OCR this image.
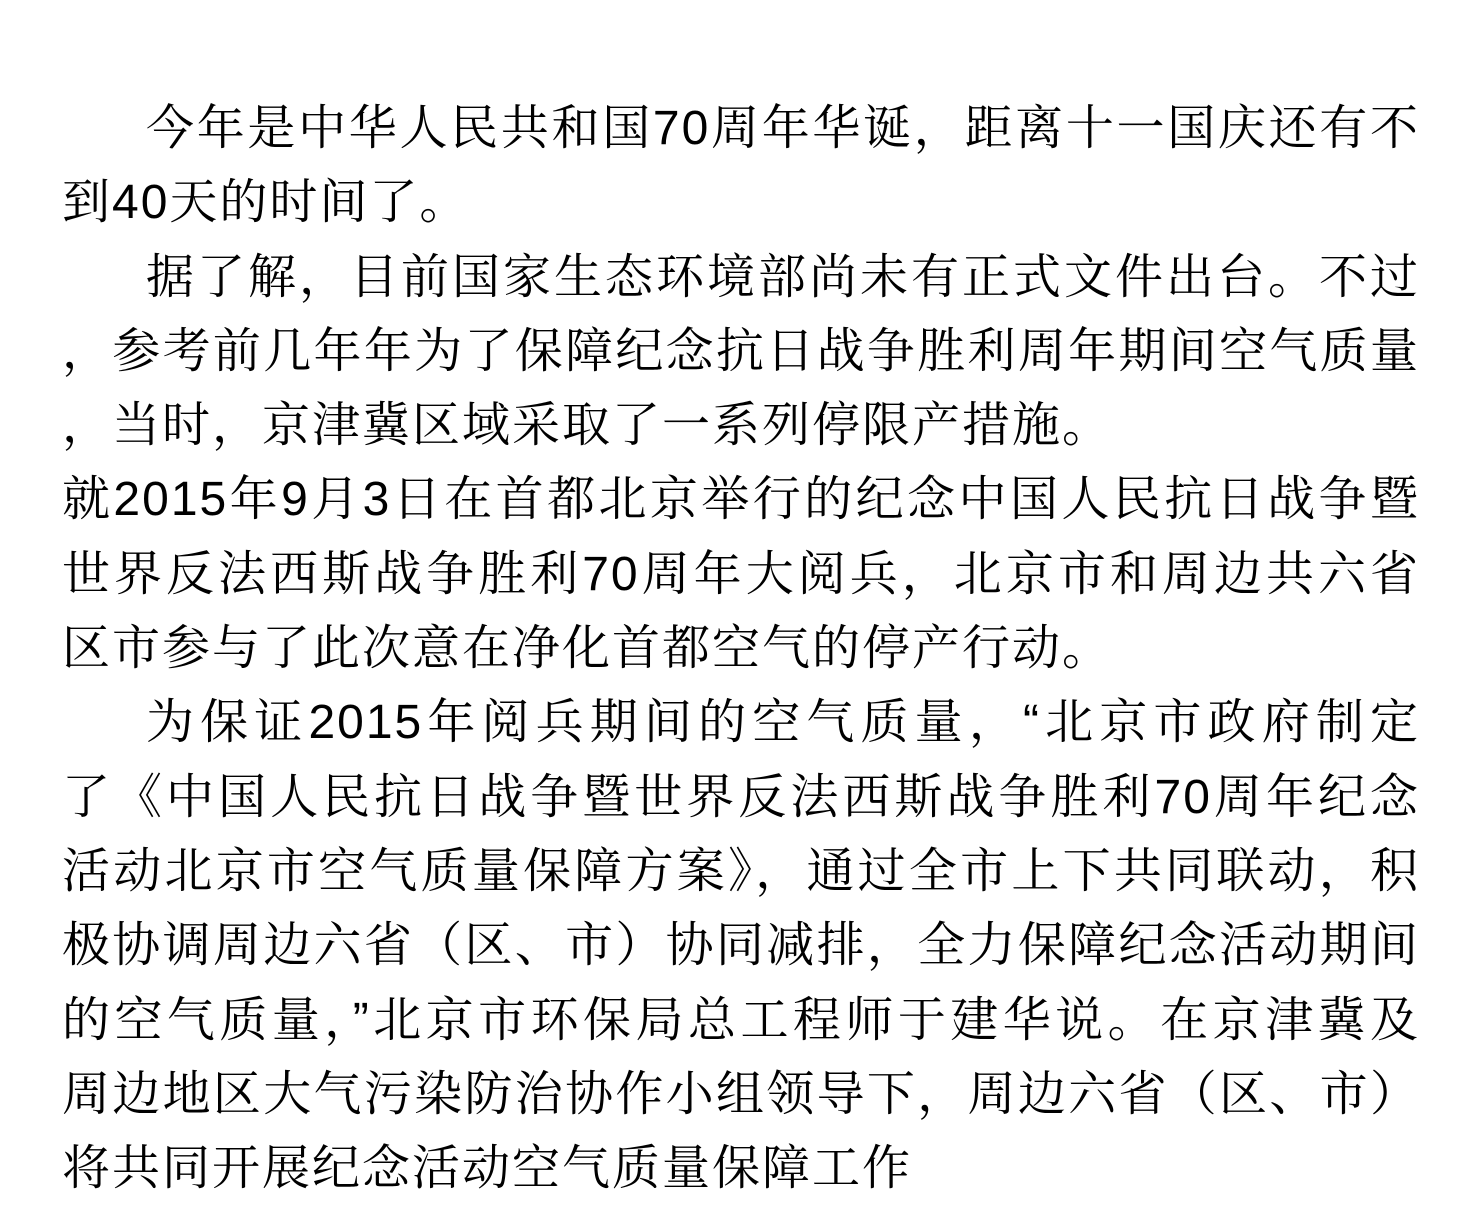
今年是中华人民共和国70周年华诞，距离十一国庆还有不
到40天的时间了。
据了解，目前国家生态环境部尚未有正式文件出台。不过
，参考前几年年为了保障纪念抗日战争胜利周年期间空气质量
，当时，京津冀区域采取了一系列停限产措施。
就2015年9月3日在首都北京举行的纪念中国人民抗日战争暨
世界反法西斯战争胜利70周年大阅兵，北京市和周边共六省
区市参与了此次意在净化首都空气的停产行动。
为保证2015年阅兵期间的空气质量，“北京市政府制定
了《中国人民抗日战争暨世界反法西斯战争胜利70周年纪念
活动北京市空气质量保障方案》，通过全市上下共同联动，积
极协调周边六省（区、市）协同减排，全力保障纪念活动期间
的空气质量，”北京市环保局总工程师于建华说。在京津冀及
周边地区大气污染防治协作小组领导下，周边六省（区、市）
将共同开展纪念活动空气质量保障工作
